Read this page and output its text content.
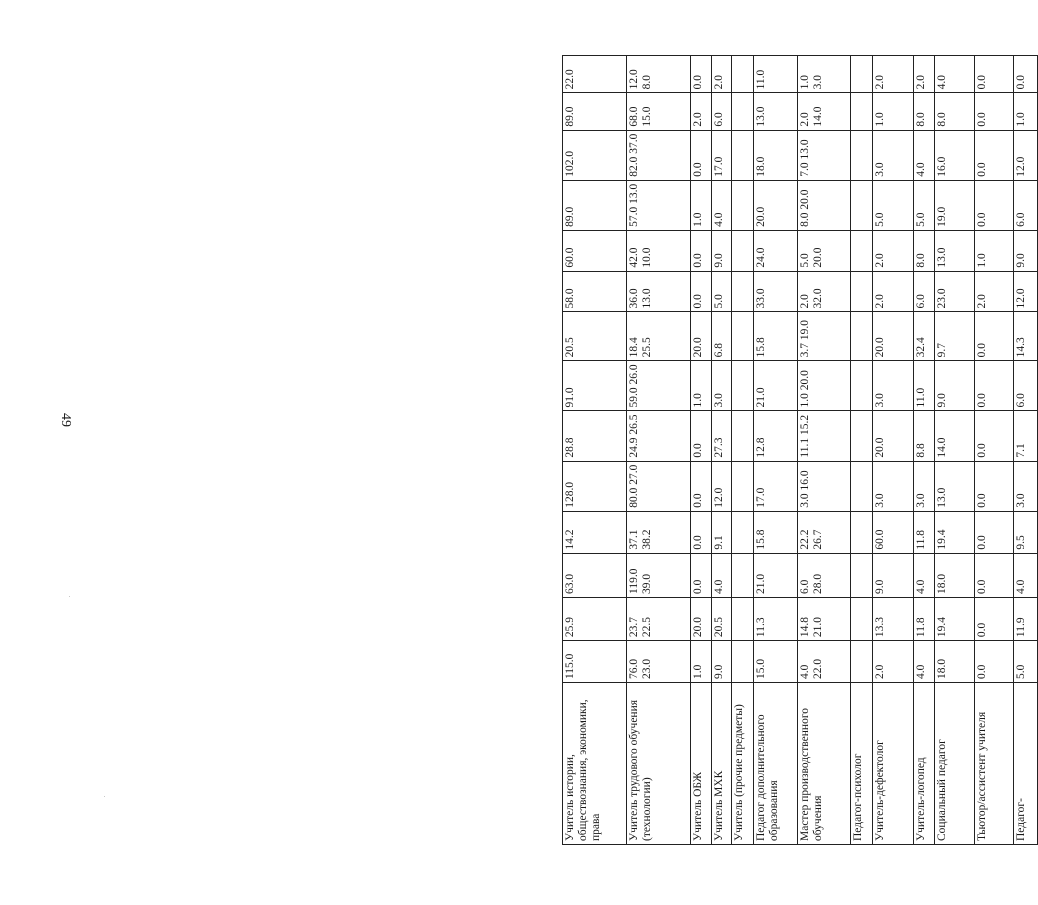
49
Учитель истории, обществознания, экономики, права	115.0	25.9	63.0	14.2	128.0	28.8	91.0	20.5	58.0	60.0	89.0	102.0	89.0	22.0
Учитель трудового обучения (технологии)	76.0 23.0	23.7 22.5	119.0 39.0	37.1 38.2	80.0 27.0	24.9 26.5	59.0 26.0	18.4 25.5	36.0 13.0	42.0 10.0	57.0 13.0	82.0 37.0	68.0 15.0	12.0 8.0
Учитель ОБЖ	1.0	20.0	0.0	0.0	0.0	0.0	1.0	20.0	0.0	0.0	1.0	0.0	2.0	0.0
Учитель МХК	9.0	20.5	4.0	9.1	12.0	27.3	3.0	6.8	5.0	9.0	4.0	17.0	6.0	2.0
Учитель (прочие предметы)														
Педагог дополнительного образования	15.0	11.3	21.0	15.8	17.0	12.8	21.0	15.8	33.0	24.0	20.0	18.0	13.0	11.0
Мастер производственного обучения	4.0 22.0	14.8 21.0	6.0 28.0	22.2 26.7	3.0 16.0	11.1 15.2	1.0 20.0	3.7 19.0	2.0 32.0	5.0 20.0	8.0 20.0	7.0 13.0	2.0 14.0	1.0 3.0
Педагог-психолог														
Учитель-дефектолог	2.0	13.3	9.0	60.0	3.0	20.0	3.0	20.0	2.0	2.0	5.0	3.0	1.0	2.0
Учитель-логопед	4.0	11.8	4.0	11.8	3.0	8.8	11.0	32.4	6.0	8.0	5.0	4.0	8.0	2.0
Социальный педагог	18.0	19.4	18.0	19.4	13.0	14.0	9.0	9.7	23.0	13.0	19.0	16.0	8.0	4.0
Тьютор/ассистент учителя	0.0	0.0	0.0	0.0	0.0	0.0	0.0	0.0	2.0	1.0	0.0	0.0	0.0	0.0
Педагог-	5.0	11.9	4.0	9.5	3.0	7.1	6.0	14.3	12.0	9.0	6.0	12.0	1.0	0.0
